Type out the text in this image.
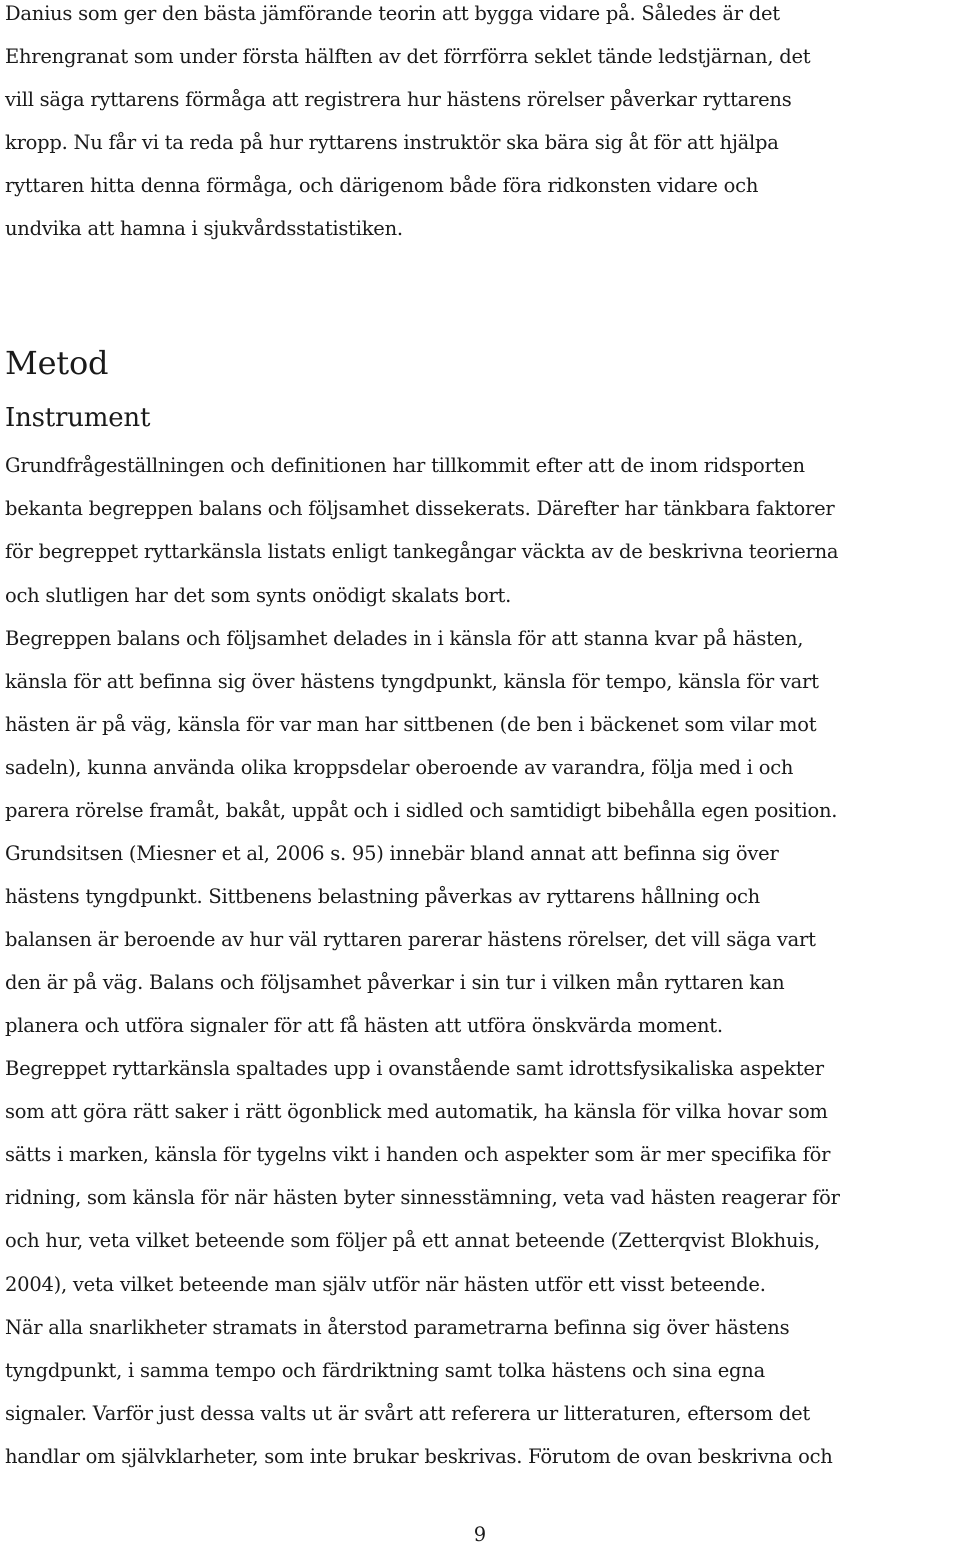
Danius som ger den bästa jämförande teorin att bygga vidare på. Således är det
Ehrengranat som under första hälften av det förrförra seklet tände ledstjärnan, det
vill säga ryttarens förmåga att registrera hur hästens rörelser påverkar ryttarens
kropp. Nu får vi ta reda på hur ryttarens instruktör ska bära sig åt för att hjälpa
ryttaren hitta denna förmåga, och därigenom både föra ridkonsten vidare och
undvika att hamna i sjukvårdsstatistiken.
Metod
Instrument
Grundfrågeställningen och definitionen har tillkommit efter att de inom ridsporten
bekanta begreppen balans och följsamhet dissekerats. Därefter har tänkbara faktorer
för begreppet ryttarkänsla listats enligt tankegångar väckta av de beskrivna teorierna
och slutligen har det som synts onödigt skalats bort.
Begreppen balans och följsamhet delades in i känsla för att stanna kvar på hästen,
känsla för att befinna sig över hästens tyngdpunkt, känsla för tempo, känsla för vart
hästen är på väg, känsla för var man har sittbenen (de ben i bäckenet som vilar mot
sadeln), kunna använda olika kroppsdelar oberoende av varandra, följa med i och
parera rörelse framåt, bakåt, uppåt och i sidled och samtidigt bibehålla egen position.
Grundsitsen (Miesner et al, 2006 s. 95) innebär bland annat att befinna sig över
hästens tyngdpunkt. Sittbenens belastning påverkas av ryttarens hållning och
balansen är beroende av hur väl ryttaren parerar hästens rörelser, det vill säga vart
den är på väg. Balans och följsamhet påverkar i sin tur i vilken mån ryttaren kan
planera och utföra signaler för att få hästen att utföra önskvärda moment.
Begreppet ryttarkänsla spaltades upp i ovanstående samt idrottsfysikaliska aspekter
som att göra rätt saker i rätt ögonblick med automatik, ha känsla för vilka hovar som
sätts i marken, känsla för tygelns vikt i handen och aspekter som är mer specifika för
ridning, som känsla för när hästen byter sinnesstämning, veta vad hästen reagerar för
och hur, veta vilket beteende som följer på ett annat beteende (Zetterqvist Blokhuis,
2004), veta vilket beteende man själv utför när hästen utför ett visst beteende.
När alla snarlikheter stramats in återstod parametrarna befinna sig över hästens
tyngdpunkt, i samma tempo och färdriktning samt tolka hästens och sina egna
signaler. Varför just dessa valts ut är svårt att referera ur litteraturen, eftersom det
handlar om självklarheter, som inte brukar beskrivas. Förutom de ovan beskrivna och
9
